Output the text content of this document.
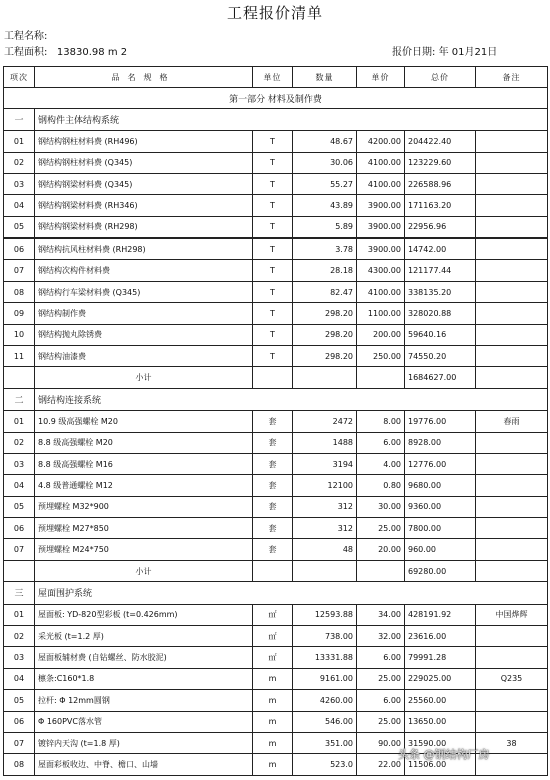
工程报价清单
工程名称:
工程面积: 13830.98 m 2	报价日期: 年 01月21日
项次	品名规格	单位	数量	单价	总价	备注
第一部分 材料及制作费						
一	钢构件主体结构系统					
01	钢结构钢柱材料费 (RH496)	T	48.67	4200.00	204422.40	
02	钢结构钢柱材料费 (Q345)	T	30.06	4100.00	123229.60	
03	钢结构钢梁材料费 (Q345)	T	55.27	4100.00	226588.96	
04	钢结构钢梁材料费 (RH346)	T	43.89	3900.00	171163.20	
05	钢结构钢梁材料费 (RH298)	T	5.89	3900.00	22956.96	
06	钢结构抗风柱材料费 (RH298)	T	3.78	3900.00	14742.00	
07	钢结构次构件材料费	T	28.18	4300.00	121177.44	
08	钢结构行车梁材料费 (Q345)	T	82.47	4100.00	338135.20	
09	钢结构制作费	T	298.20	1100.00	328020.88	
10	钢结构抛丸除锈费	T	298.20	200.00	59640.16	
11	钢结构油漆费	T	298.20	250.00	74550.20	
	小计				1684627.00	
二	钢结构连接系统					
01	10.9 级高强螺栓 M20	套	2472	8.00	19776.00	春雨
02	8.8 级高强螺栓 M20	套	1488	6.00	8928.00	
03	8.8 级高强螺栓 M16	套	3194	4.00	12776.00	
04	4.8 级普通螺栓 M12	套	12100	0.80	9680.00	
05	预埋螺栓 M32*900	套	312	30.00	9360.00	
06	预埋螺栓 M27*850	套	312	25.00	7800.00	
07	预埋螺栓 M24*750	套	48	20.00	960.00	
	小计				69280.00	
三	屋面围护系统					
01	屋面板: YD-820型彩板 (t=0.426mm)	㎡	12593.88	34.00	428191.92	中国烨辉
02	采光板 (t=1.2 厚)	㎡	738.00	32.00	23616.00	
03	屋面板辅材费 (自钻螺丝、防水胶泥)	㎡	13331.88	6.00	79991.28	
04	檩条:C160*1.8	m	9161.00	25.00	229025.00	Q235
05	拉杆: Φ 12mm圆钢	m	4260.00	6.00	25560.00	
06	Φ 160PVC落水管	m	546.00	25.00	13650.00	
07	镀锌内天沟 (t=1.8 厚)	m	351.00	90.00	31590.00	38
08	屋面彩板收边、中脊、檐口、山墙	m	523.0	22.00	11506.00	
头条 @钢结构厂房
